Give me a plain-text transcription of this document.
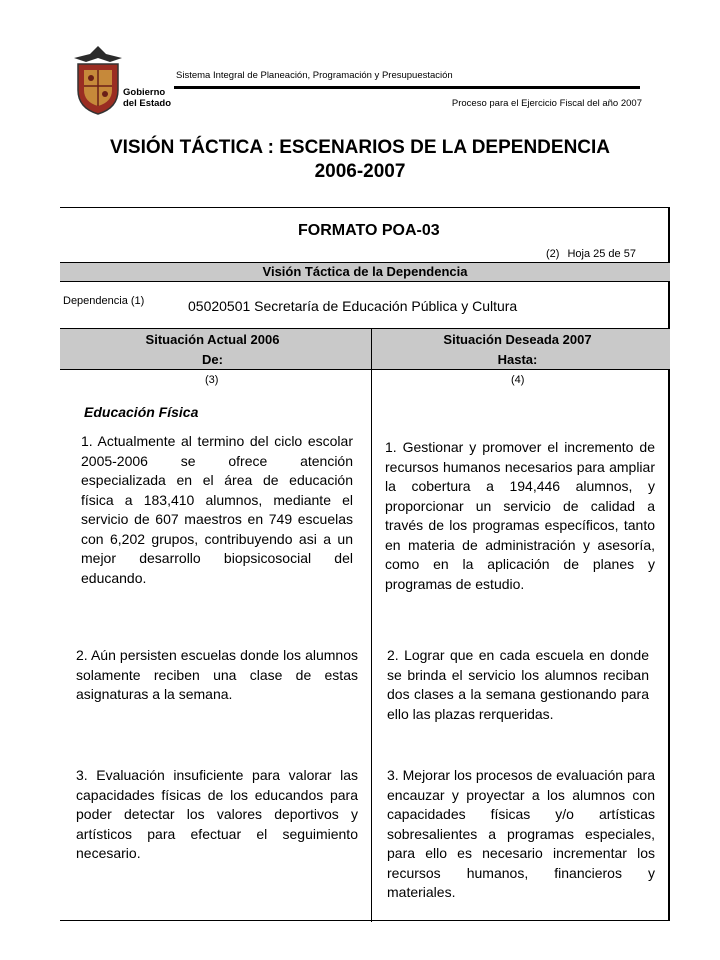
Gobierno
del Estado
Sistema Integral de Planeación, Programación y Presupuestación
Proceso para el Ejercicio Fiscal del año 2007
VISIÓN TÁCTICA : ESCENARIOS DE LA DEPENDENCIA
2006-2007
FORMATO POA-03
(2) Hoja 25 de 57
Visión Táctica de la Dependencia
Dependencia (1)	05020501 Secretaría de Educación Pública y Cultura
Situación Actual 2006
De:
Situación Deseada 2007
Hasta:
(3)	(4)
Educación Física
1. Actualmente al termino del ciclo escolar 2005-2006 se ofrece atención especializada en el área de educación física a 183,410 alumnos, mediante el servicio de 607 maestros en 749 escuelas con 6,202 grupos, contribuyendo asi a un mejor desarrollo biopsicosocial del educando.
1. Gestionar y promover el incremento de recursos humanos necesarios para ampliar la cobertura a 194,446 alumnos, y proporcionar un servicio de calidad a través de los programas específicos, tanto en materia de administración y asesoría, como en la aplicación de planes y programas de estudio.
2. Aún persisten escuelas donde los alumnos solamente reciben una clase de estas asignaturas a la semana.
2. Lograr que en cada escuela en donde se brinda el servicio los alumnos reciban dos clases a la semana gestionando para ello las plazas rerqueridas.
3. Evaluación insuficiente para valorar las capacidades físicas de los educandos para poder detectar los valores deportivos y artísticos para efectuar el seguimiento necesario.
3. Mejorar los procesos de evaluación para encauzar y proyectar a los alumnos con capacidades físicas y/o artísticas sobresalientes a programas especiales, para ello es necesario incrementar los recursos humanos, financieros y materiales.
